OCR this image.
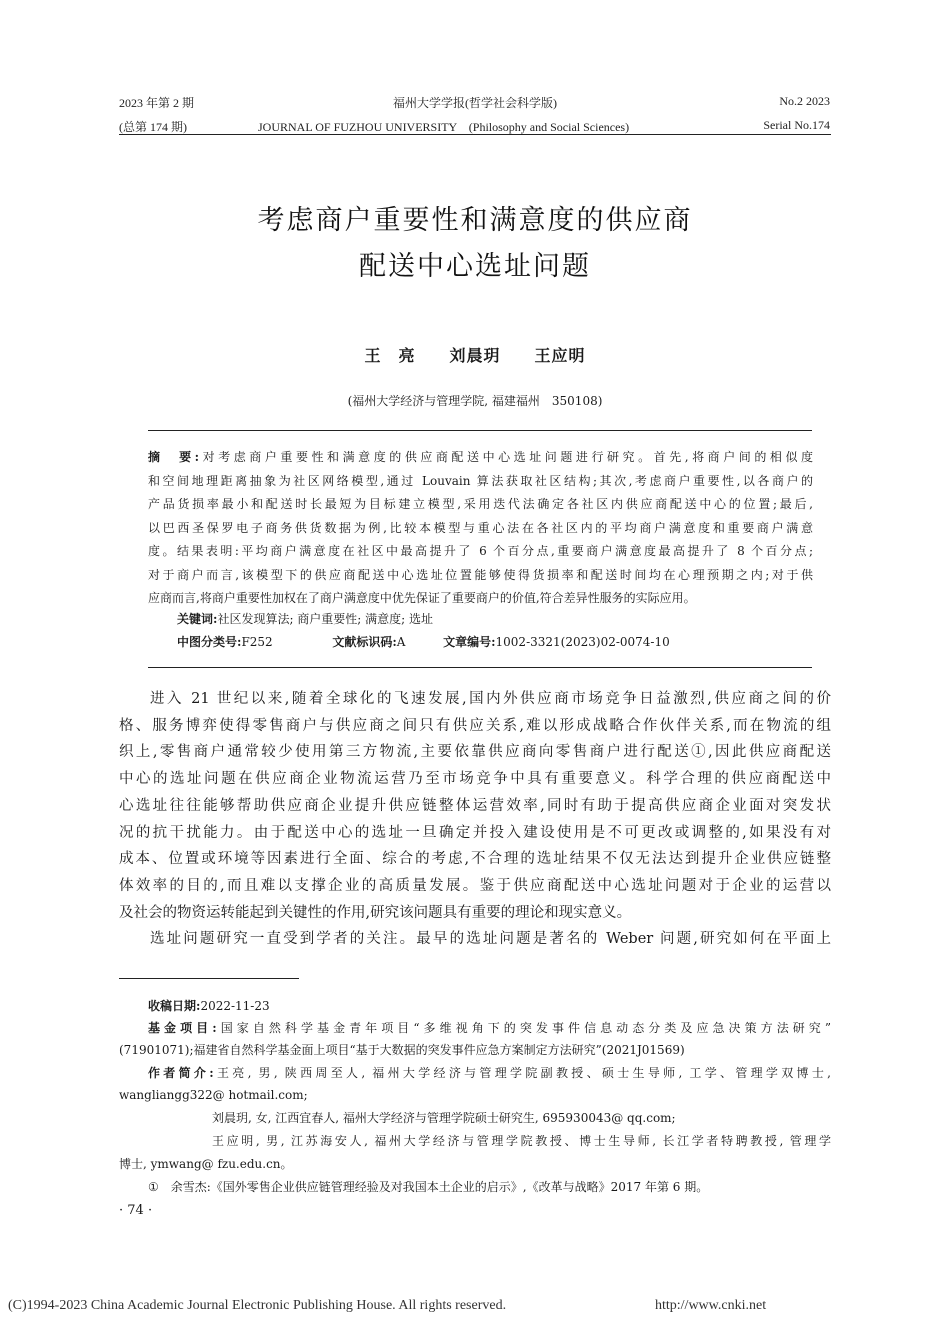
2023 年第 2 期	福州大学学报(哲学社会科学版)	No.2 2023
(总第 174 期)	JOURNAL OF FUZHOU UNIVERSITY　(Philosophy and Social Sciences)	Serial No.174
考虑商户重要性和满意度的供应商
配送中心选址问题
王　亮　　刘晨玥　　王应明
(福州大学经济与管理学院, 福建福州　350108)
摘　要:对考虑商户重要性和满意度的供应商配送中心选址问题进行研究。首先,将商户间的相似度
和空间地理距离抽象为社区网络模型,通过 Louvain 算法获取社区结构;其次,考虑商户重要性,以各商户的
产品货损率最小和配送时长最短为目标建立模型,采用迭代法确定各社区内供应商配送中心的位置;最后,
以巴西圣保罗电子商务供货数据为例,比较本模型与重心法在各社区内的平均商户满意度和重要商户满意
度。结果表明:平均商户满意度在社区中最高提升了 6 个百分点,重要商户满意度最高提升了 8 个百分点;
对于商户而言,该模型下的供应商配送中心选址位置能够使得货损率和配送时间均在心理预期之内;对于供
应商而言,将商户重要性加权在了商户满意度中优先保证了重要商户的价值,符合差异性服务的实际应用。
关键词:社区发现算法; 商户重要性; 满意度; 选址
中图分类号:F252	文献标识码:A	文章编号:1002-3321(2023)02-0074-10
进入 21 世纪以来,随着全球化的飞速发展,国内外供应商市场竞争日益激烈,供应商之间的价
格、服务博弈使得零售商户与供应商之间只有供应关系,难以形成战略合作伙伴关系,而在物流的组
织上,零售商户通常较少使用第三方物流,主要依靠供应商向零售商户进行配送①,因此供应商配送
中心的选址问题在供应商企业物流运营乃至市场竞争中具有重要意义。科学合理的供应商配送中
心选址往往能够帮助供应商企业提升供应链整体运营效率,同时有助于提高供应商企业面对突发状
况的抗干扰能力。由于配送中心的选址一旦确定并投入建设使用是不可更改或调整的,如果没有对
成本、位置或环境等因素进行全面、综合的考虑,不合理的选址结果不仅无法达到提升企业供应链整
体效率的目的,而且难以支撑企业的高质量发展。鉴于供应商配送中心选址问题对于企业的运营以
及社会的物资运转能起到关键性的作用,研究该问题具有重要的理论和现实意义。
选址问题研究一直受到学者的关注。最早的选址问题是著名的 Weber 问题,研究如何在平面上
收稿日期:2022-11-23
基金项目:国家自然科学基金青年项目“多维视角下的突发事件信息动态分类及应急决策方法研究”
(71901071);福建省自然科学基金面上项目“基于大数据的突发事件应急方案制定方法研究”(2021J01569)
作者简介:王亮, 男, 陕西周至人, 福州大学经济与管理学院副教授、硕士生导师, 工学、管理学双博士,
wangliangg322@ hotmail.com;
刘晨玥, 女, 江西宜春人, 福州大学经济与管理学院硕士研究生, 695930043@ qq.com;
王应明, 男, 江苏海安人, 福州大学经济与管理学院教授、博士生导师, 长江学者特聘教授, 管理学
博士, ymwang@ fzu.edu.cn。
① 余雪杰:《国外零售企业供应链管理经验及对我国本土企业的启示》,《改革与战略》2017 年第 6 期。
· 74 ·
(C)1994-2023 China Academic Journal Electronic Publishing House. All rights reserved.	http://www.cnki.net
